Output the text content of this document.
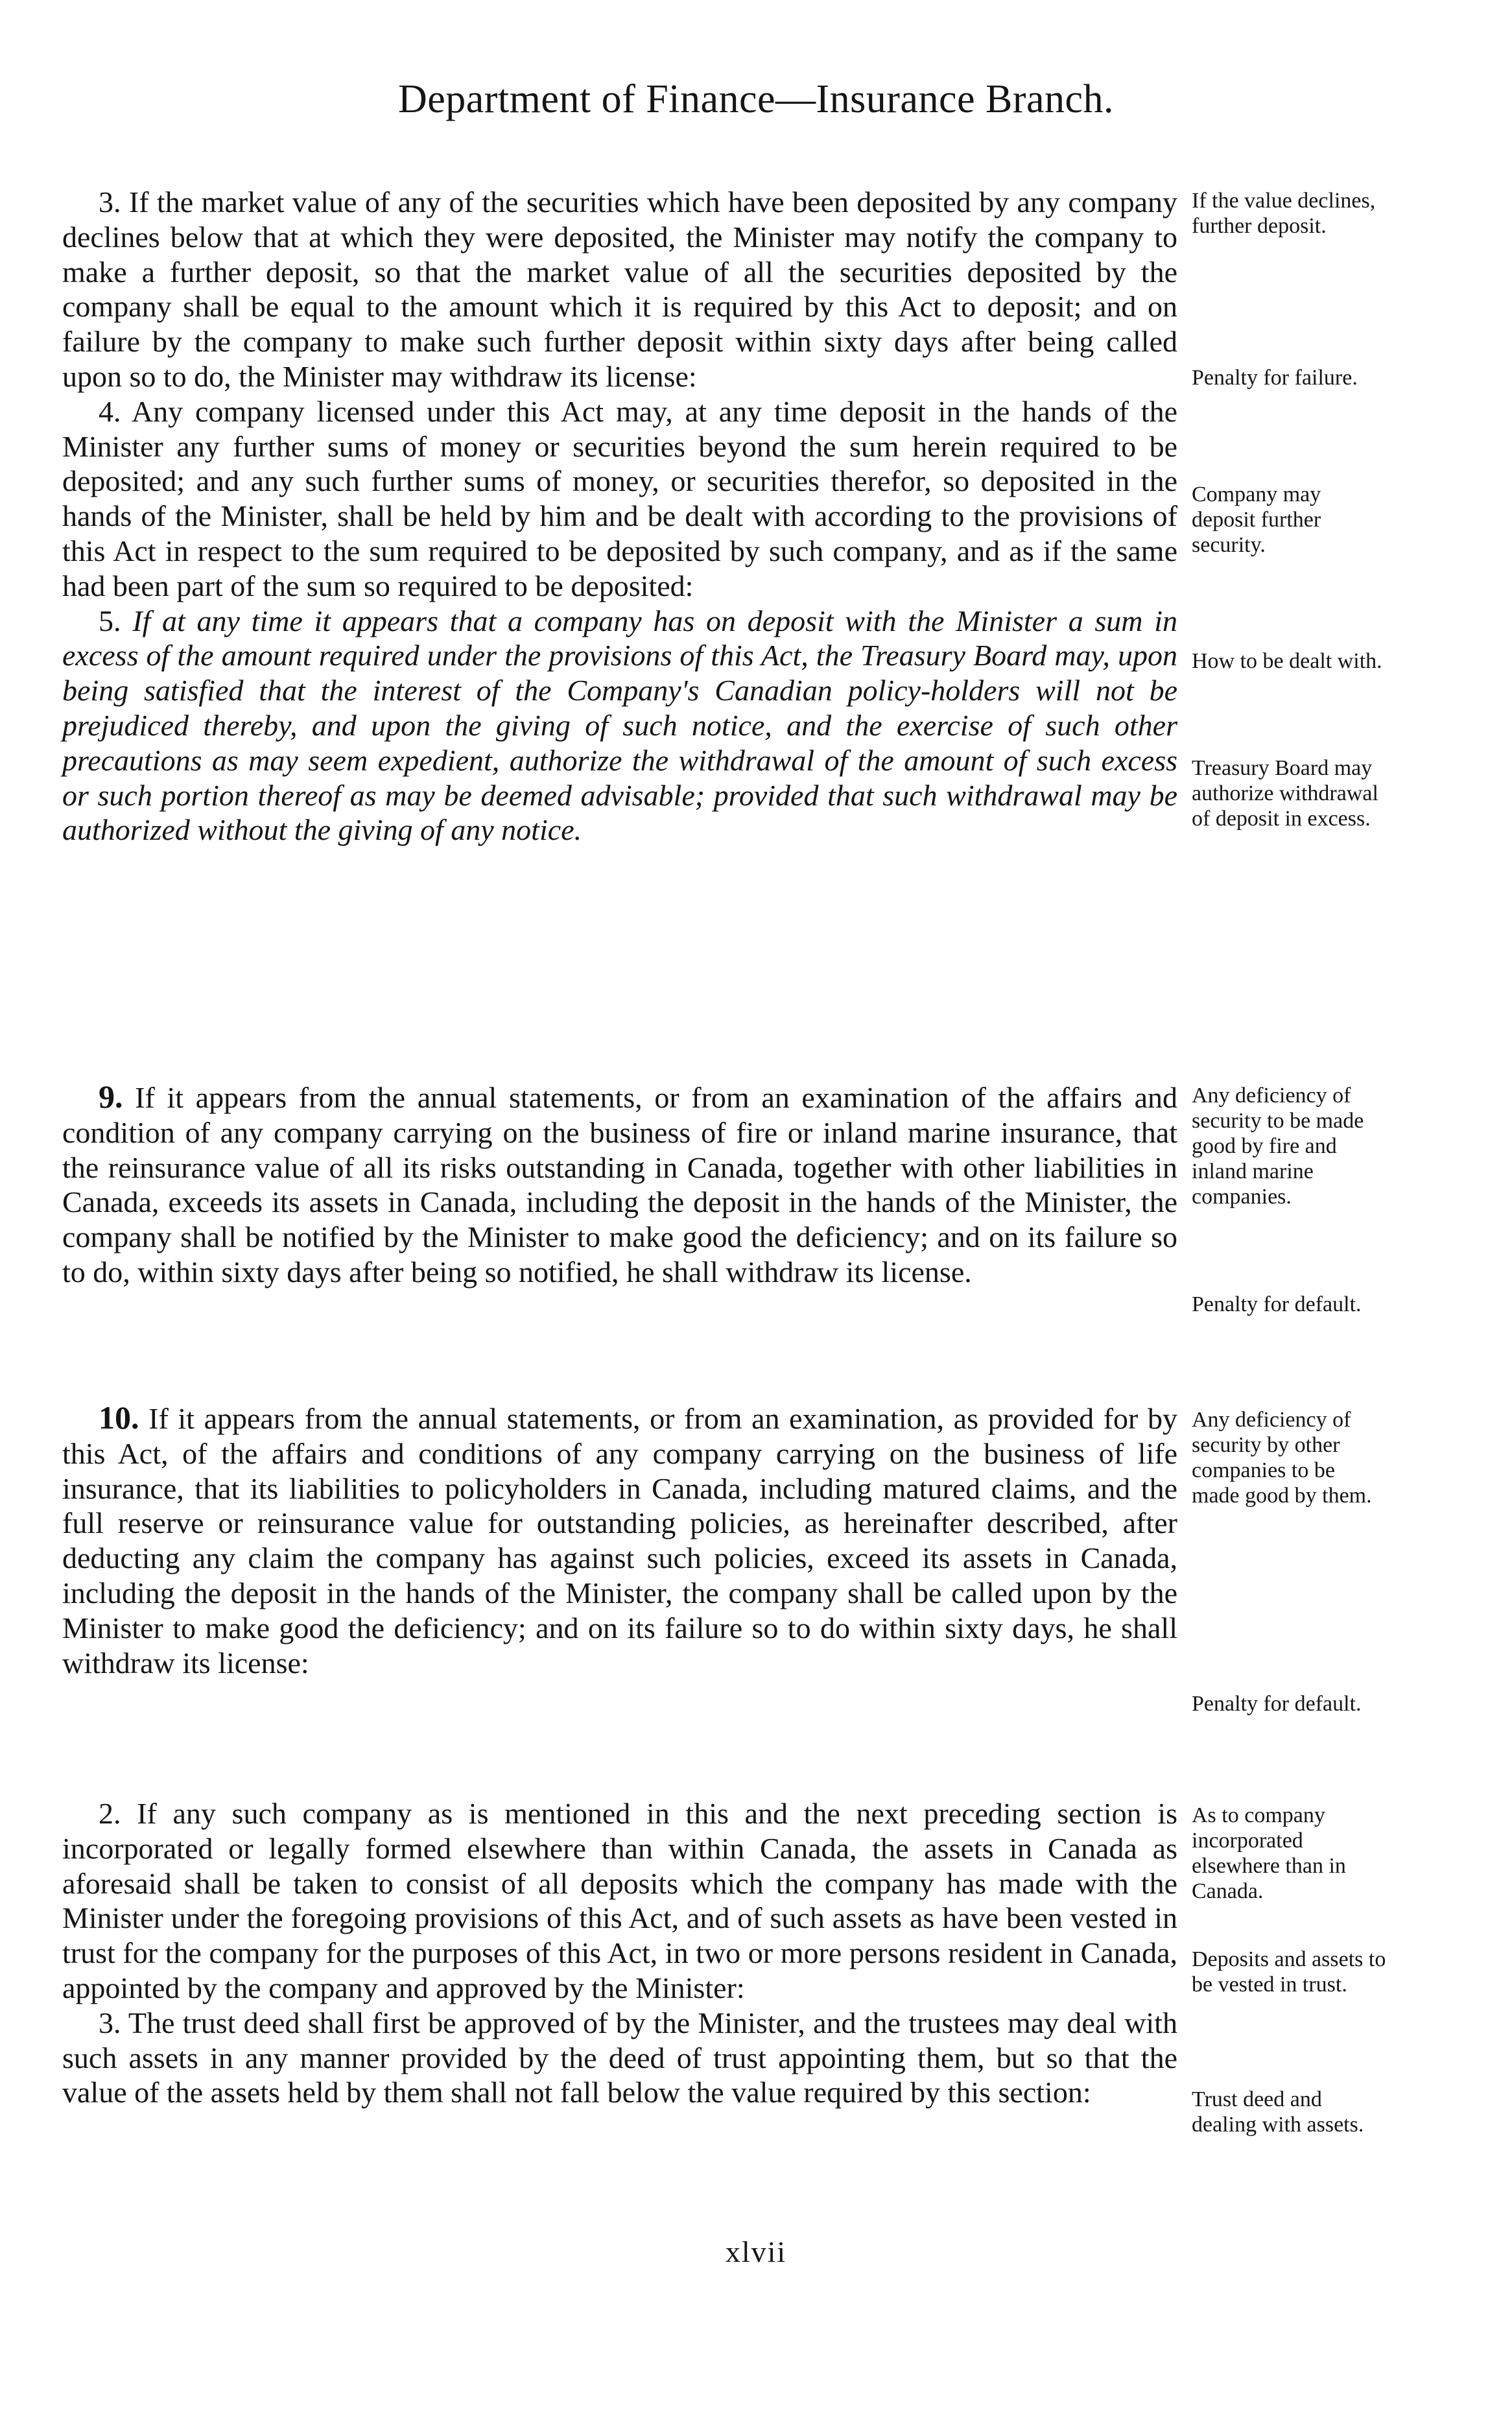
Department of Finance—Insurance Branch.

3. If the market value of any of the securities which have been deposited by any company declines below that at which they were deposited, the Minister may notify the company to make a further deposit, so that the market value of all the securities deposited by the company shall be equal to the amount which it is required by this Act to deposit; and on failure by the company to make such further deposit within sixty days after being called upon so to do, the Minister may withdraw its license:

4. Any company licensed under this Act may, at any time deposit in the hands of the Minister any further sums of money or securities beyond the sum herein required to be deposited; and any such further sums of money, or securities therefor, so deposited in the hands of the Minister, shall be held by him and be dealt with according to the provisions of this Act in respect to the sum required to be deposited by such company, and as if the same had been part of the sum so required to be deposited:

5. If at any time it appears that a company has on deposit with the Minister a sum in excess of the amount required under the provisions of this Act, the Treasury Board may, upon being satisfied that the interest of the Company's Canadian policy-holders will not be prejudiced thereby, and upon the giving of such notice, and the exercise of such other precautions as may seem expedient, authorize the withdrawal of the amount of such excess or such portion thereof as may be deemed advisable; provided that such withdrawal may be authorized without the giving of any notice.

9. If it appears from the annual statements, or from an examination of the affairs and condition of any company carrying on the business of fire or inland marine insurance, that the reinsurance value of all its risks outstanding in Canada, together with other liabilities in Canada, exceeds its assets in Canada, including the deposit in the hands of the Minister, the company shall be notified by the Minister to make good the deficiency; and on its failure so to do, within sixty days after being so notified, he shall withdraw its license.

10. If it appears from the annual statements, or from an examination, as provided for by this Act, of the affairs and conditions of any company carrying on the business of life insurance, that its liabilities to policyholders in Canada, including matured claims, and the full reserve or reinsurance value for outstanding policies, as hereinafter described, after deducting any claim the company has against such policies, exceed its assets in Canada, including the deposit in the hands of the Minister, the company shall be called upon by the Minister to make good the deficiency; and on its failure so to do within sixty days, he shall withdraw its license:

2. If any such company as is mentioned in this and the next preceding section is incorporated or legally formed elsewhere than within Canada, the assets in Canada as aforesaid shall be taken to consist of all deposits which the company has made with the Minister under the foregoing provisions of this Act, and of such assets as have been vested in trust for the company for the purposes of this Act, in two or more persons resident in Canada, appointed by the company and approved by the Minister:

3. The trust deed shall first be approved of by the Minister, and the trustees may deal with such assets in any manner provided by the deed of trust appointing them, but so that the value of the assets held by them shall not fall below the value required by this section:

If the value declines, further deposit.
Penalty for failure.
Company may deposit further security.
How to be dealt with.
Treasury Board may authorize withdrawal of deposit in excess.
Any deficiency of security to be made good by fire and inland marine companies.
Penalty for default.
Any deficiency of security by other companies to be made good by them.
Penalty for default.
As to company incorporated elsewhere than in Canada.
Deposits and assets to be vested in trust.
Trust deed and dealing with assets.
xlvii
